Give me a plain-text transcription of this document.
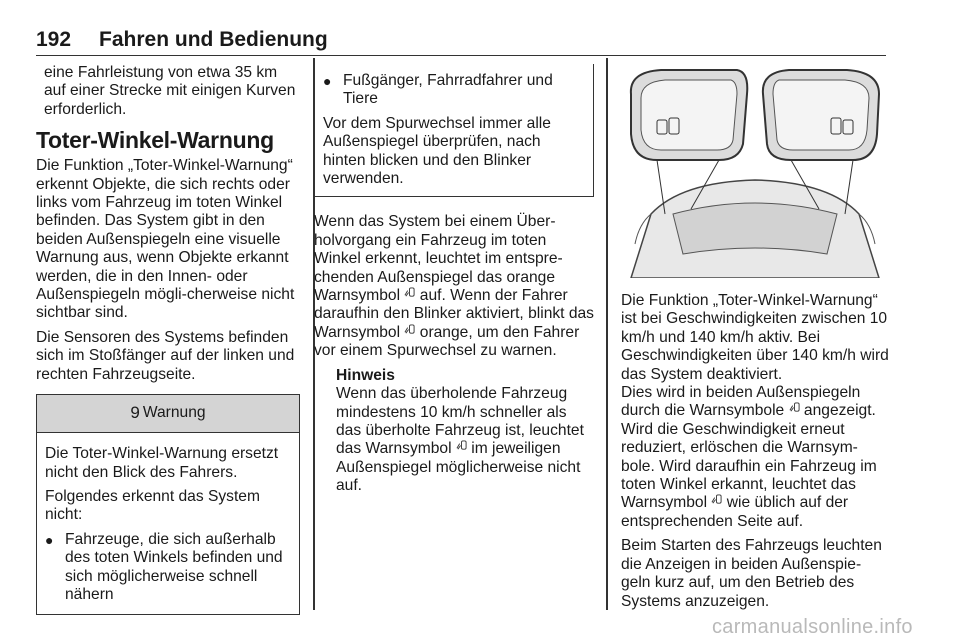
192 Fahren und Bedienung

eine Fahrleistung von etwa 35 km auf einer Strecke mit einigen Kurven erforderlich.

Toter-Winkel-Warnung

Die Funktion „Toter-Winkel-Warnung“ erkennt Objekte, die sich rechts oder links vom Fahrzeug im toten Winkel befinden. Das System gibt in den beiden Außenspiegeln eine visuelle Warnung aus, wenn Objekte erkannt werden, die in den Innen- oder Außenspiegeln mögli-cherweise nicht sichtbar sind.

Die Sensoren des Systems befinden sich im Stoßfänger auf der linken und rechten Fahrzeugseite.

9 Warnung

Die Toter-Winkel-Warnung ersetzt nicht den Blick des Fahrers.

Folgendes erkennt das System nicht:

● Fahrzeuge, die sich außerhalb des toten Winkels befinden und sich möglicherweise schnell nähern
● Fußgänger, Fahrradfahrer und Tiere

Vor dem Spurwechsel immer alle Außenspiegel überprüfen, nach hinten blicken und den Blinker verwenden.

Wenn das System bei einem Über-holvorgang ein Fahrzeug im toten Winkel erkennt, leuchtet im entspre-chenden Außenspiegel das orange Warnsymbol auf. Wenn der Fahrer daraufhin den Blinker aktiviert, blinkt das Warnsymbol orange, um den Fahrer vor einem Spurwechsel zu warnen.

Hinweis

Wenn das überholende Fahrzeug mindestens 10 km/h schneller als das überholte Fahrzeug ist, leuchtet das Warnsymbol im jeweiligen Außenspiegel möglicherweise nicht auf.

Die Funktion „Toter-Winkel-Warnung“ ist bei Geschwindigkeiten zwischen 10 km/h und 140 km/h aktiv. Bei Geschwindigkeiten über 140 km/h wird das System deaktiviert.

Dies wird in beiden Außenspiegeln durch die Warnsymbole angezeigt. Wird die Geschwindigkeit erneut reduziert, erlöschen die Warnsym-bole. Wird daraufhin ein Fahrzeug im toten Winkel erkannt, leuchtet das Warnsymbol wie üblich auf der entsprechenden Seite auf.

Beim Starten des Fahrzeugs leuchten die Anzeigen in beiden Außenspie-geln kurz auf, um den Betrieb des Systems anzuzeigen.

carmanualsonline.info
